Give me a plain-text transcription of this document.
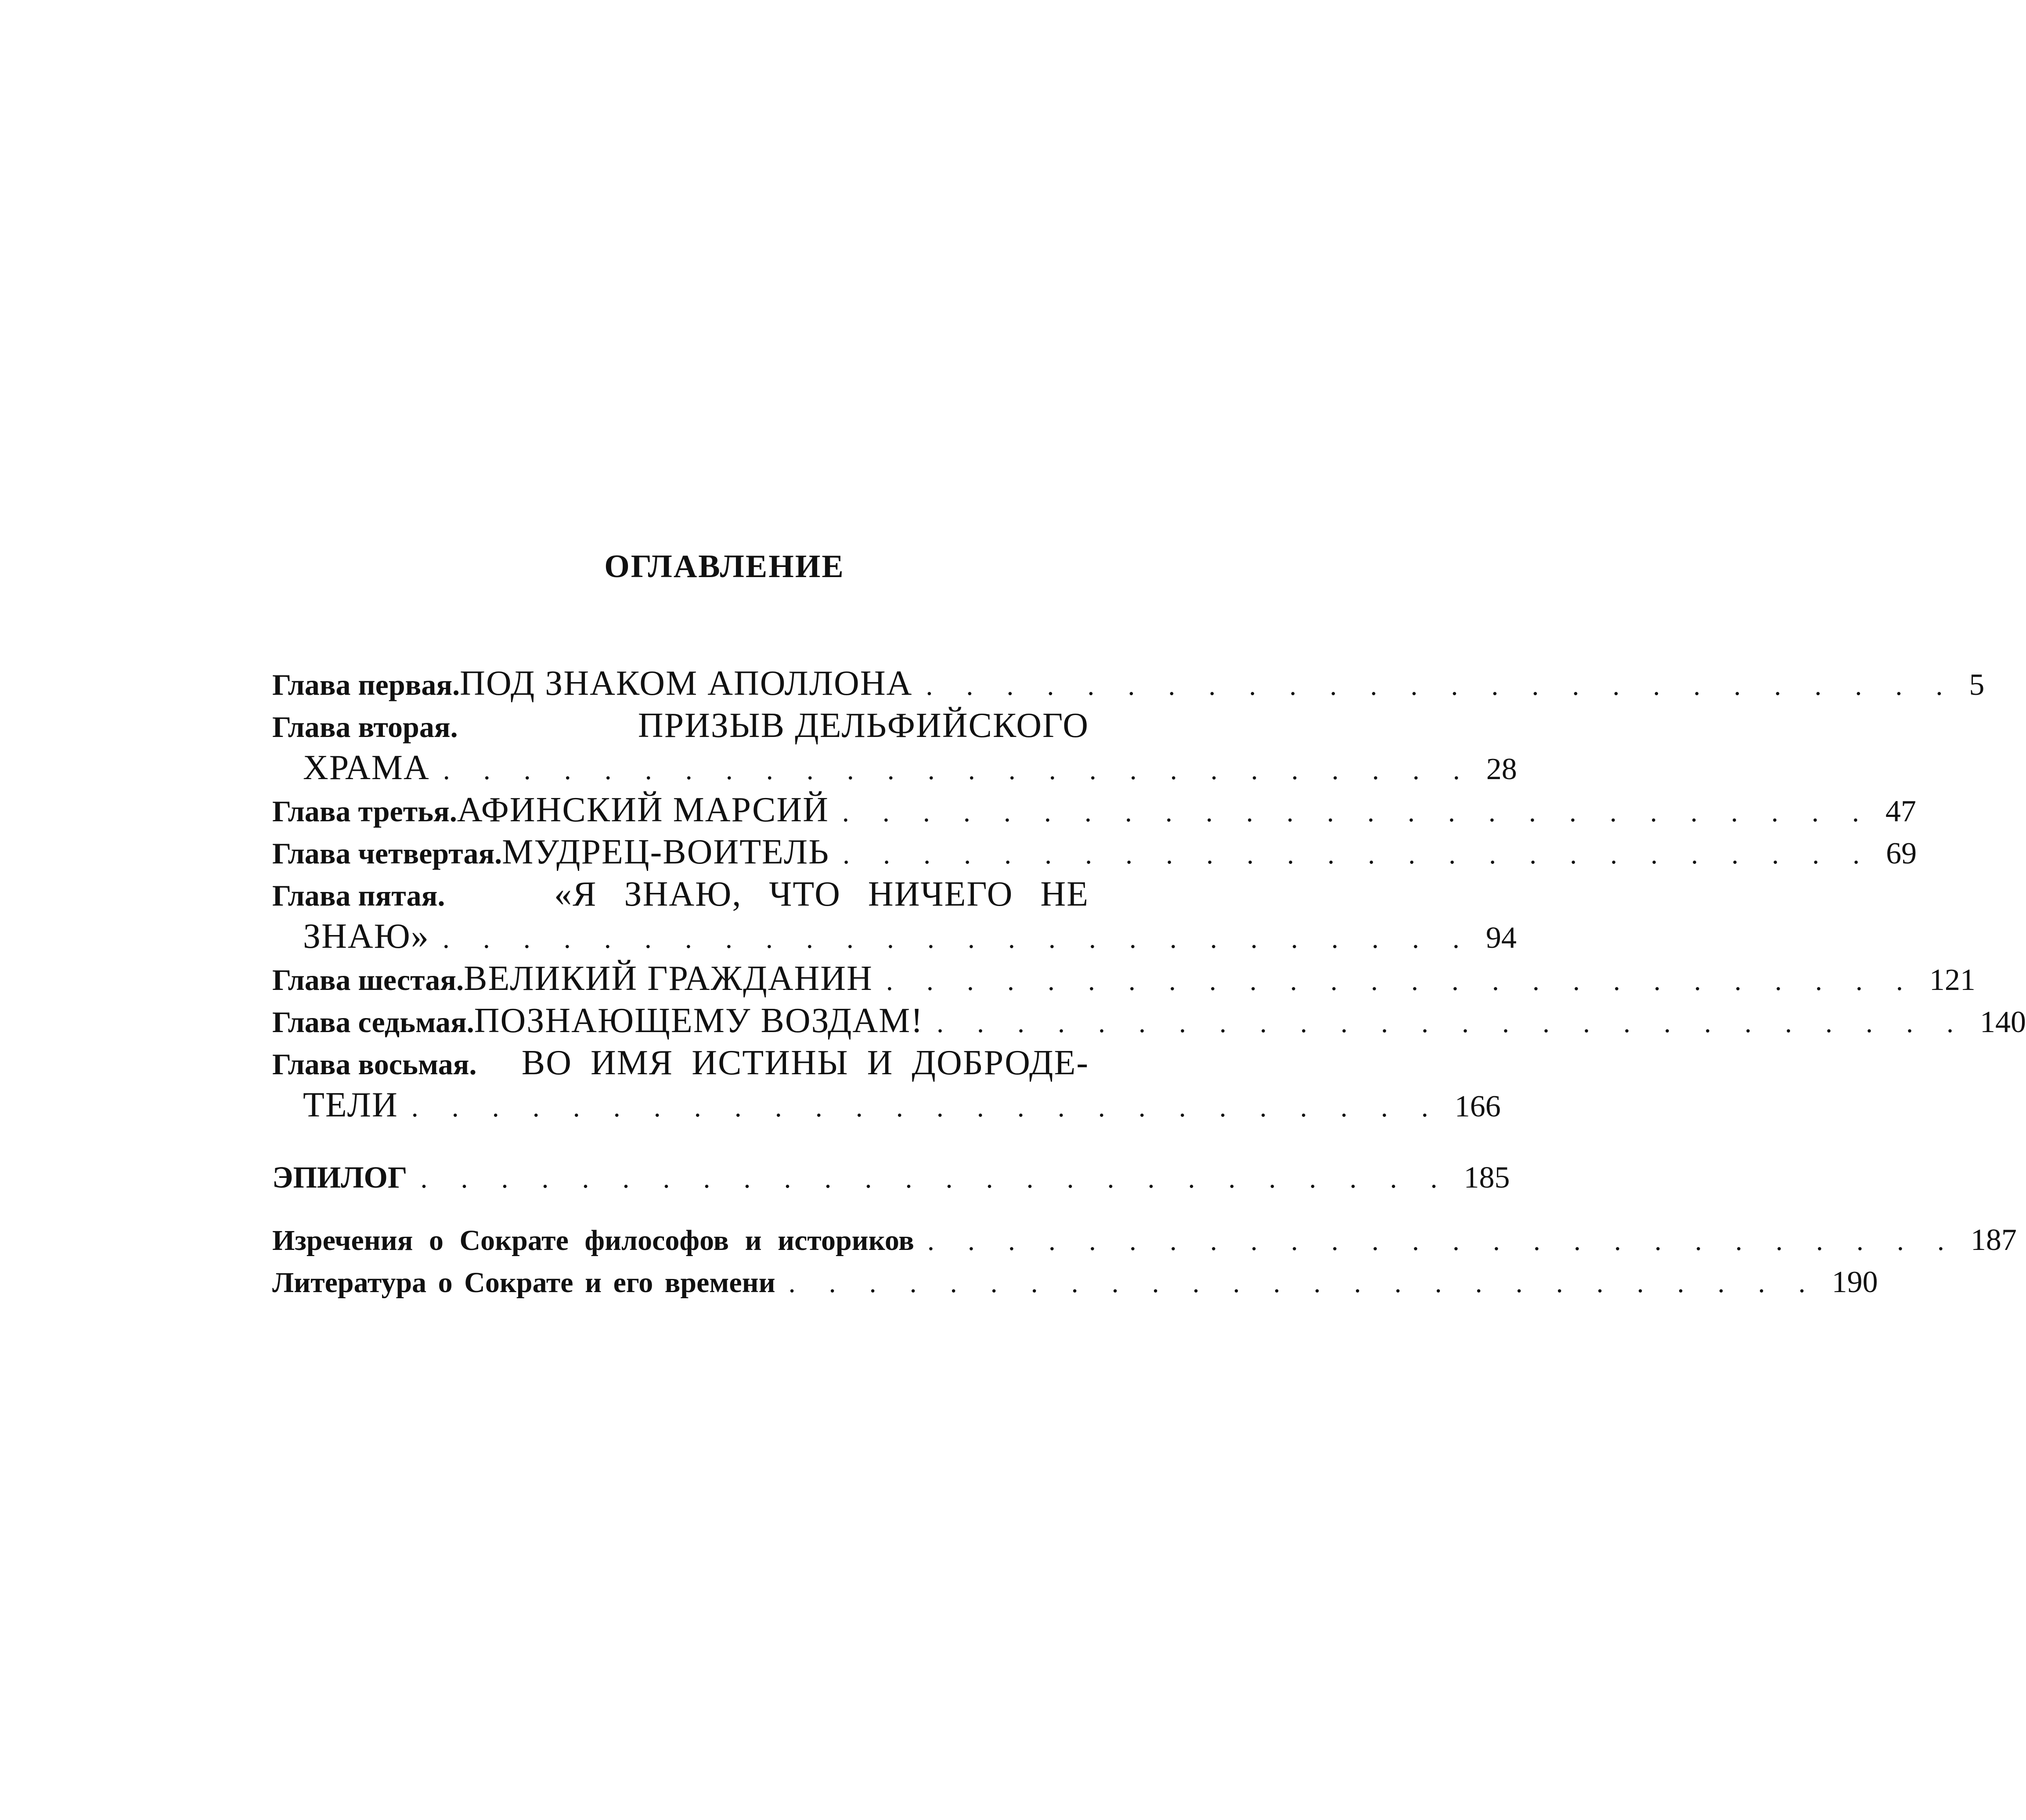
ОГЛАВЛЕНИЕ
Глава первая. ПОД ЗНАКОМ АПОЛЛОНА . . . . . . . . . . . . . . . . . . . . . . . . . . 5
Глава вторая.	ПРИЗЫВ ДЕЛЬФИЙСКОГО
ХРАМА . . . . . . . . . . . . . . . . . . . . . . . . . . 28
Глава третья. АФИНСКИЙ МАРСИЙ . . . . . . . . . . . . . . . . . . . . . . . . . . 47
Глава четвертая. МУДРЕЦ-ВОИТЕЛЬ . . . . . . . . . . . . . . . . . . . . . . . . . . 69
Глава пятая.	«Я ЗНАЮ, ЧТО НИЧЕГО НЕ
ЗНАЮ» . . . . . . . . . . . . . . . . . . . . . . . . . . 94
Глава шестая. ВЕЛИКИЙ ГРАЖДАНИН . . . . . . . . . . . . . . . . . . . . . . . . . . 121
Глава седьмая. ПОЗНАЮЩЕМУ ВОЗДАМ! . . . . . . . . . . . . . . . . . . . . . . . . . . 140
Глава восьмая. ВО ИМЯ ИСТИНЫ И ДОБРОДЕ-
ТЕЛИ . . . . . . . . . . . . . . . . . . . . . . . . . . 166
ЭПИЛОГ . . . . . . . . . . . . . . . . . . . . . . . . . . 185
Изречения о Сократе философов и историков . . . . . . . . . . . . . . . . . . . . . . . . . . 187
Литература о Сократе и его времени . . . . . . . . . . . . . . . . . . . . . . . . . . 190
